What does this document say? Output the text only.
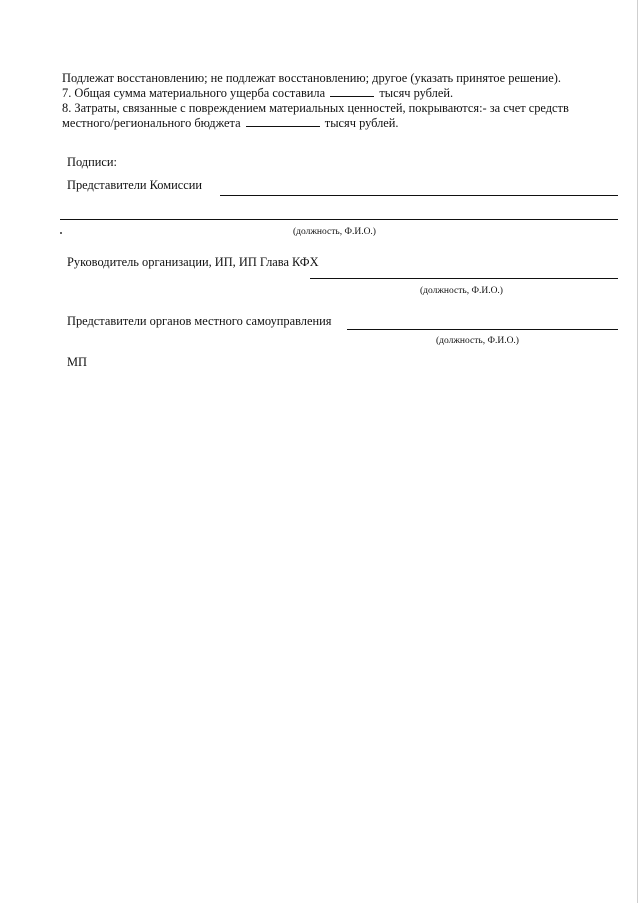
Подлежат восстановлению; не подлежат восстановлению; другое (указать принятое решение).
7. Общая сумма материального ущерба составила	тысяч рублей.
8. Затраты, связанные с повреждением материальных ценностей, покрываются:- за счет средств
местного/регионального бюджета	тысяч рублей.
Подписи:
Представители Комиссии
(должность, Ф.И.О.)
Руководитель организации, ИП, ИП Глава КФХ
(должность, Ф.И.О.)
Представители органов местного самоуправления
(должность, Ф.И.О.)
МП
